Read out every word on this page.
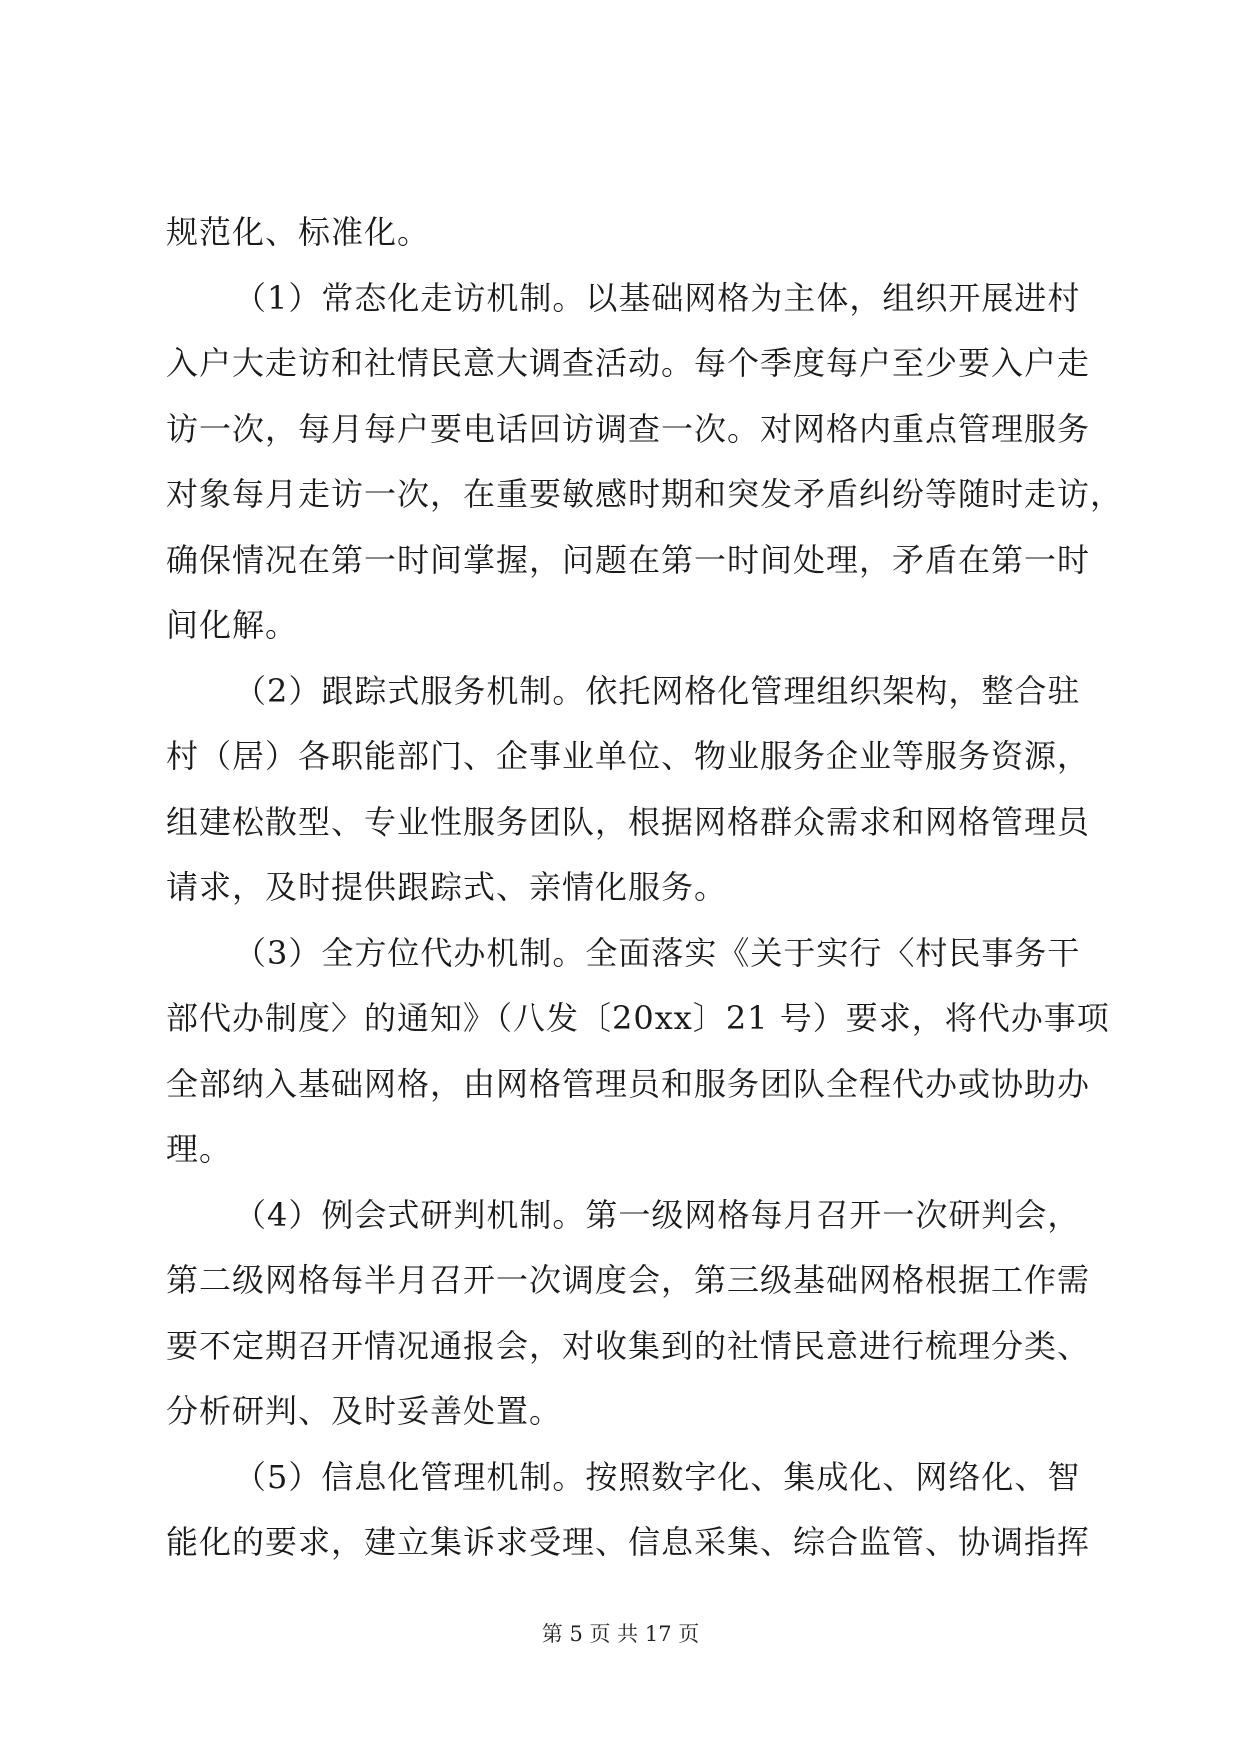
规范化、标准化。
（1）常态化走访机制。以基础网格为主体，组织开展进村
入户大走访和社情民意大调查活动。每个季度每户至少要入户走
访一次，每月每户要电话回访调查一次。对网格内重点管理服务
对象每月走访一次，在重要敏感时期和突发矛盾纠纷等随时走访，
确保情况在第一时间掌握，问题在第一时间处理，矛盾在第一时
间化解。
（2）跟踪式服务机制。依托网格化管理组织架构，整合驻
村（居）各职能部门、企事业单位、物业服务企业等服务资源，
组建松散型、专业性服务团队，根据网格群众需求和网格管理员
请求，及时提供跟踪式、亲情化服务。
（3）全方位代办机制。全面落实《关于实行〈村民事务干
部代办制度〉的通知》（八发〔20xx〕21 号）要求，将代办事项
全部纳入基础网格，由网格管理员和服务团队全程代办或协助办
理。
（4）例会式研判机制。第一级网格每月召开一次研判会，
第二级网格每半月召开一次调度会，第三级基础网格根据工作需
要不定期召开情况通报会，对收集到的社情民意进行梳理分类、
分析研判、及时妥善处置。
（5）信息化管理机制。按照数字化、集成化、网络化、智
能化的要求，建立集诉求受理、信息采集、综合监管、协调指挥
第 5 页 共 17 页
